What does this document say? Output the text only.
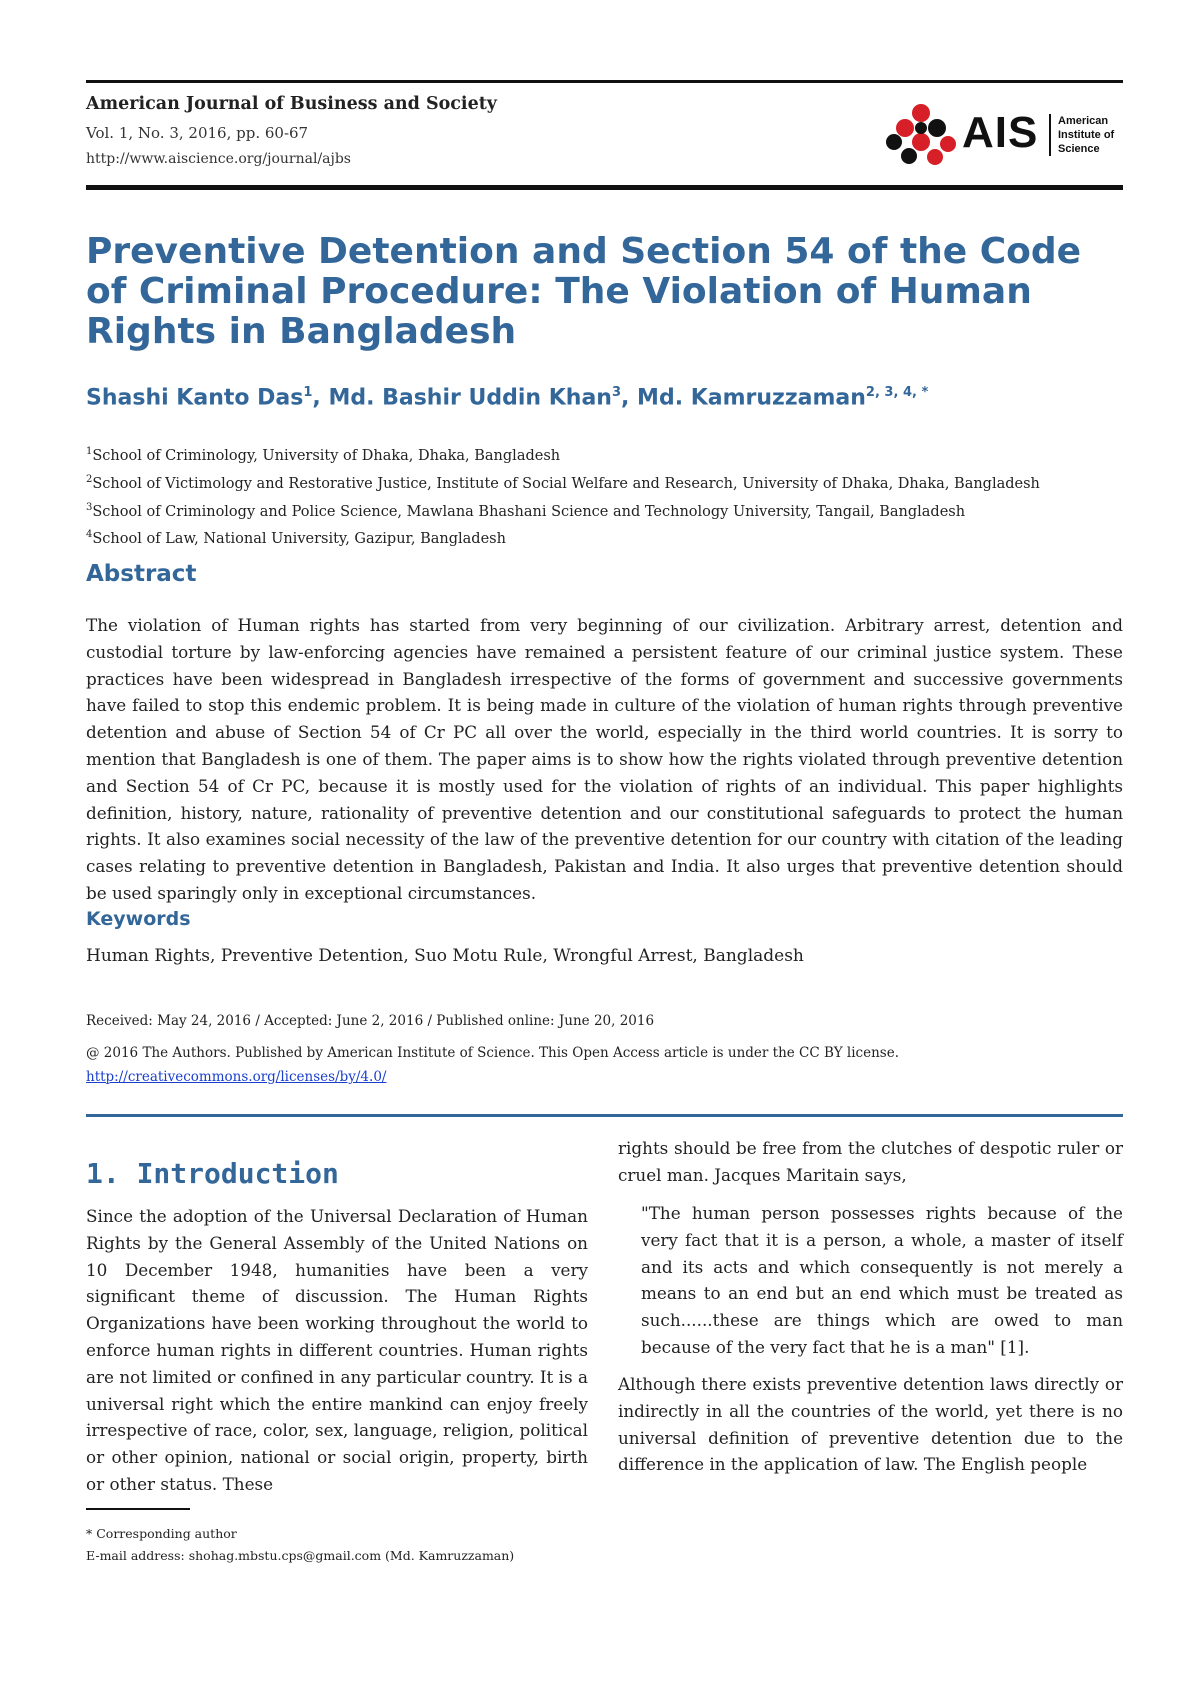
American Journal of Business and Society
Vol. 1, No. 3, 2016, pp. 60-67
http://www.aiscience.org/journal/ajbs
AIS American Institute of Science
Preventive Detention and Section 54 of the Code of Criminal Procedure: The Violation of Human Rights in Bangladesh
Shashi Kanto Das$^1$, Md. Bashir Uddin Khan$^3$, Md. Kamruzzaman$^{2, 3, 4, *}$
$^1$School of Criminology, University of Dhaka, Dhaka, Bangladesh
$^2$School of Victimology and Restorative Justice, Institute of Social Welfare and Research, University of Dhaka, Dhaka, Bangladesh
$^3$School of Criminology and Police Science, Mawlana Bhashani Science and Technology University, Tangail, Bangladesh
$^4$School of Law, National University, Gazipur, Bangladesh
Abstract
The violation of Human rights has started from very beginning of our civilization. Arbitrary arrest, detention and custodial torture by law-enforcing agencies have remained a persistent feature of our criminal justice system. These practices have been widespread in Bangladesh irrespective of the forms of government and successive governments have failed to stop this endemic problem. It is being made in culture of the violation of human rights through preventive detention and abuse of Section 54 of Cr PC all over the world, especially in the third world countries. It is sorry to mention that Bangladesh is one of them. The paper aims is to show how the rights violated through preventive detention and Section 54 of Cr PC, because it is mostly used for the violation of rights of an individual. This paper highlights definition, history, nature, rationality of preventive detention and our constitutional safeguards to protect the human rights. It also examines social necessity of the law of the preventive detention for our country with citation of the leading cases relating to preventive detention in Bangladesh, Pakistan and India. It also urges that preventive detention should be used sparingly only in exceptional circumstances.
Keywords
Human Rights, Preventive Detention, Suo Motu Rule, Wrongful Arrest, Bangladesh
Received: May 24, 2016 / Accepted: June 2, 2016 / Published online: June 20, 2016
@ 2016 The Authors. Published by American Institute of Science. This Open Access article is under the CC BY license.
http://creativecommons.org/licenses/by/4.0/
1. Introduction
Since the adoption of the Universal Declaration of Human Rights by the General Assembly of the United Nations on 10 December 1948, humanities have been a very significant theme of discussion. The Human Rights Organizations have been working throughout the world to enforce human rights in different countries. Human rights are not limited or confined in any particular country. It is a universal right which the entire mankind can enjoy freely irrespective of race, color, sex, language, religion, political or other opinion, national or social origin, property, birth or other status. These
rights should be free from the clutches of despotic ruler or cruel man. Jacques Maritain says,
"The human person possesses rights because of the very fact that it is a person, a whole, a master of itself and its acts and which consequently is not merely a means to an end but an end which must be treated as such......these are things which are owed to man because of the very fact that he is a man" [1].
Although there exists preventive detention laws directly or indirectly in all the countries of the world, yet there is no universal definition of preventive detention due to the difference in the application of law. The English people
* Corresponding author
E-mail address: shohag.mbstu.cps@gmail.com (Md. Kamruzzaman)
